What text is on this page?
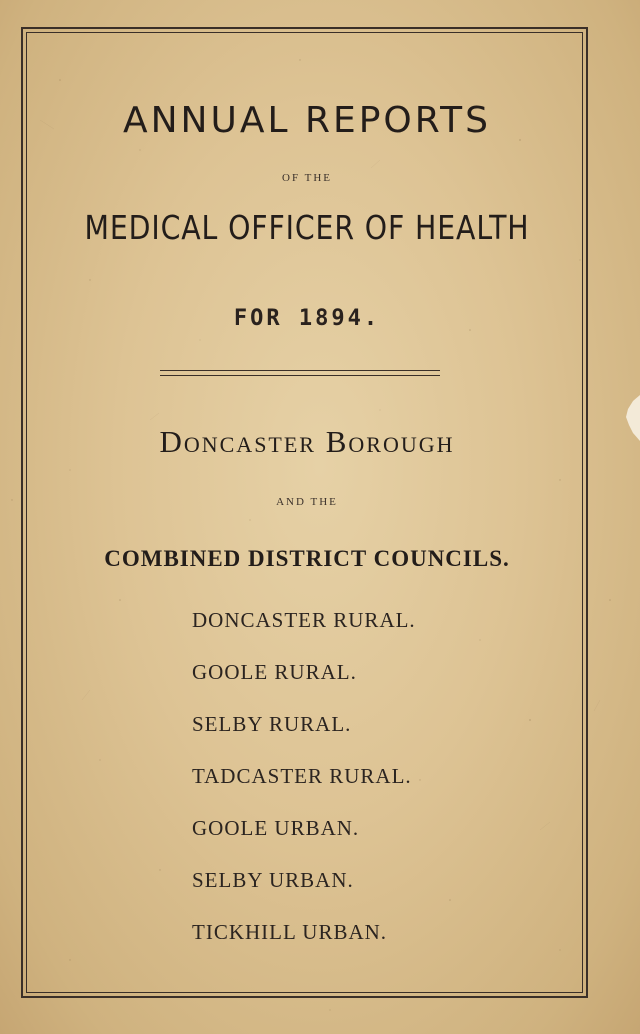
ANNUAL REPORTS
OF THE
MEDICAL OFFICER OF HEALTH
FOR 1894.
Doncaster Borough
AND THE
COMBINED DISTRICT COUNCILS.
DONCASTER RURAL.
GOOLE RURAL.
SELBY RURAL.
TADCASTER RURAL.
GOOLE URBAN.
SELBY URBAN.
TICKHILL URBAN.
